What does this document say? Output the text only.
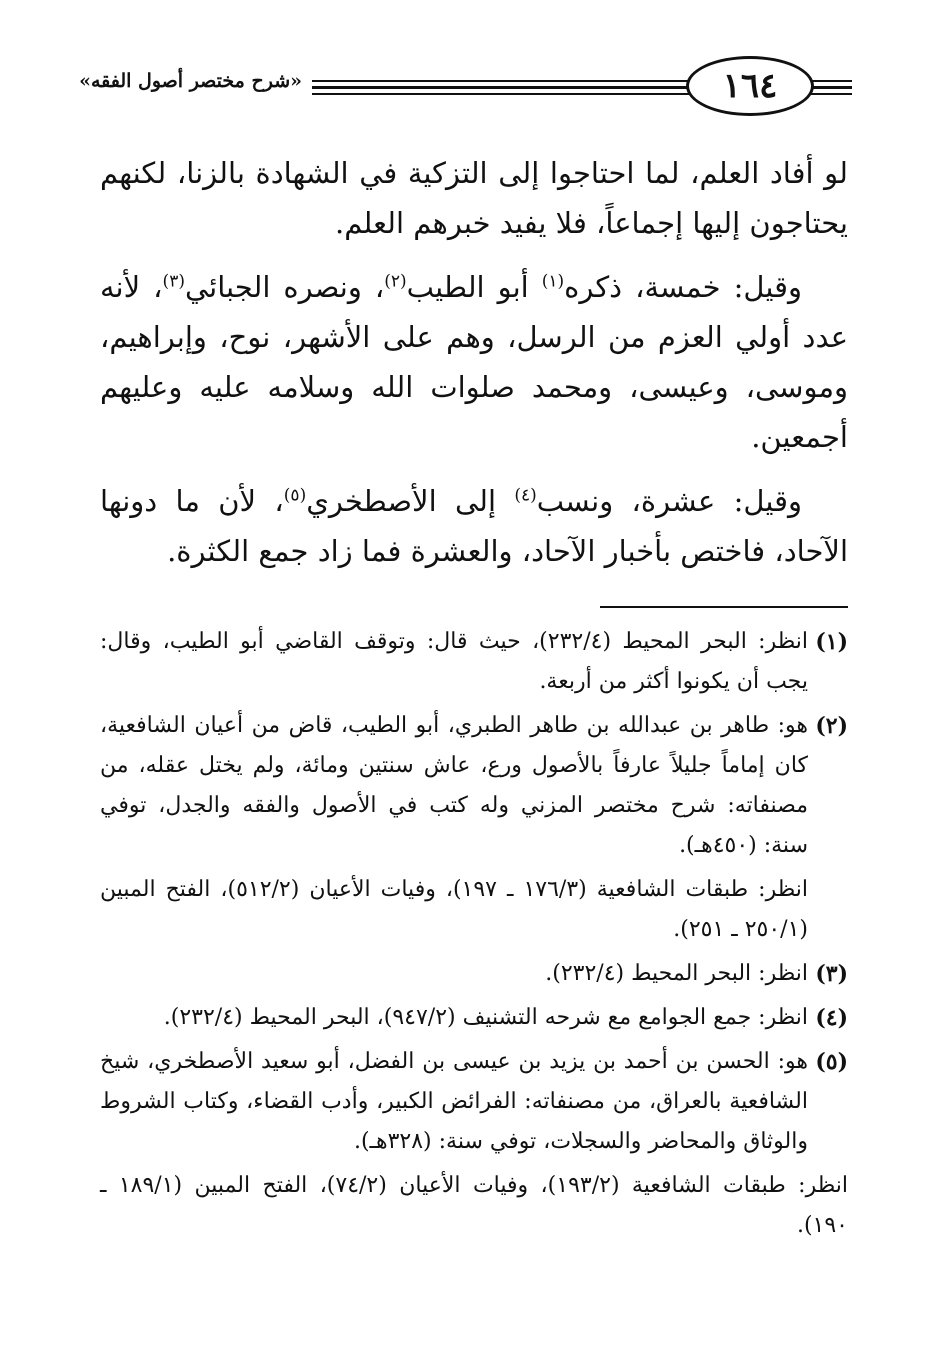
١٦٤
«شرح مختصر أصول الفقه»

لو أفاد العلم، لما احتاجوا إلى التزكية في الشهادة بالزنا، لكنهم يحتاجون إليها إجماعاً، فلا يفيد خبرهم العلم.

وقيل: خمسة، ذكره$^{(١)}$ أبو الطيب$^{(٢)}$، ونصره الجبائي$^{(٣)}$، لأنه عدد أولي العزم من الرسل، وهم على الأشهر، نوح، وإبراهيم، وموسى، وعيسى، ومحمد صلوات الله وسلامه عليه وعليهم أجمعين.

وقيل: عشرة، ونسب$^{(٤)}$ إلى الأصطخري$^{(٥)}$، لأن ما دونها الآحاد، فاختص بأخبار الآحاد، والعشرة فما زاد جمع الكثرة.

(١)
انظر: البحر المحيط (٢٣٢/٤)، حيث قال: وتوقف القاضي أبو الطيب، وقال: يجب أن يكونوا أكثر من أربعة.
(٢)
هو: طاهر بن عبدالله بن طاهر الطبري، أبو الطيب، قاض من أعيان الشافعية، كان إماماً جليلاً عارفاً بالأصول ورع، عاش سنتين ومائة، ولم يختل عقله، من مصنفاته: شرح مختصر المزني وله كتب في الأصول والفقه والجدل، توفي سنة: (٤٥٠هـ).
انظر: طبقات الشافعية (١٧٦/٣ ـ ١٩٧)، وفيات الأعيان (٥١٢/٢)، الفتح المبين (٢٥٠/١ ـ ٢٥١).
(٣)
انظر: البحر المحيط (٢٣٢/٤).
(٤)
انظر: جمع الجوامع مع شرحه التشنيف (٩٤٧/٢)، البحر المحيط (٢٣٢/٤).
(٥)
هو: الحسن بن أحمد بن يزيد بن عيسى بن الفضل، أبو سعيد الأصطخري، شيخ الشافعية بالعراق، من مصنفاته: الفرائض الكبير، وأدب القضاء، وكتاب الشروط والوثاق والمحاضر والسجلات، توفي سنة: (٣٢٨هـ).
انظر: طبقات الشافعية (١٩٣/٢)، وفيات الأعيان (٧٤/٢)، الفتح المبين (١٨٩/١ ـ ١٩٠).
